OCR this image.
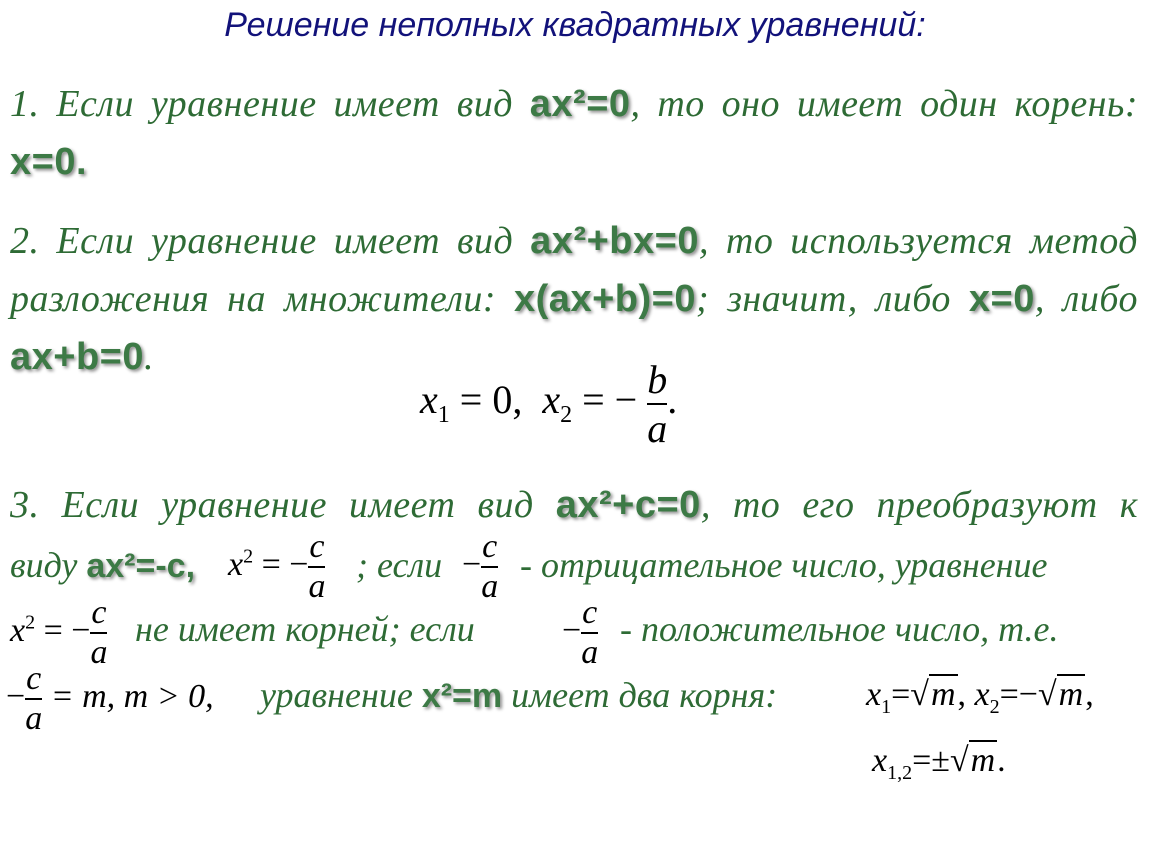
Решение неполных квадратных уравнений:
1. Если уравнение имеет вид ax²=0, то оно имеет один корень: x=0.
2. Если уравнение имеет вид ax²+bx=0, то используется метод разложения на множители: x(ax+b)=0; значит, либо x=0, либо ax+b=0.
$x_1 = 0$, $x_2$ = − $\frac{b}{a}$ .
3. Если уравнение имеет вид ax²+c=0, то его преобразуют к
виду ax²=-c, $x^2$ = − $\frac{c}{a}$ ; если − $\frac{c}{a}$ - отрицательное число, уравнение
$x^2$ = − $\frac{c}{a}$ не имеет корней; если	− $\frac{c}{a}$ - положительное число, т.е.
− $\frac{c}{a} = m$, m > 0, уравнение x²=m имеет два корня:	$x_1=√m$, $x_2=-√m$,
$x_{1,2}=\pm√m$.
